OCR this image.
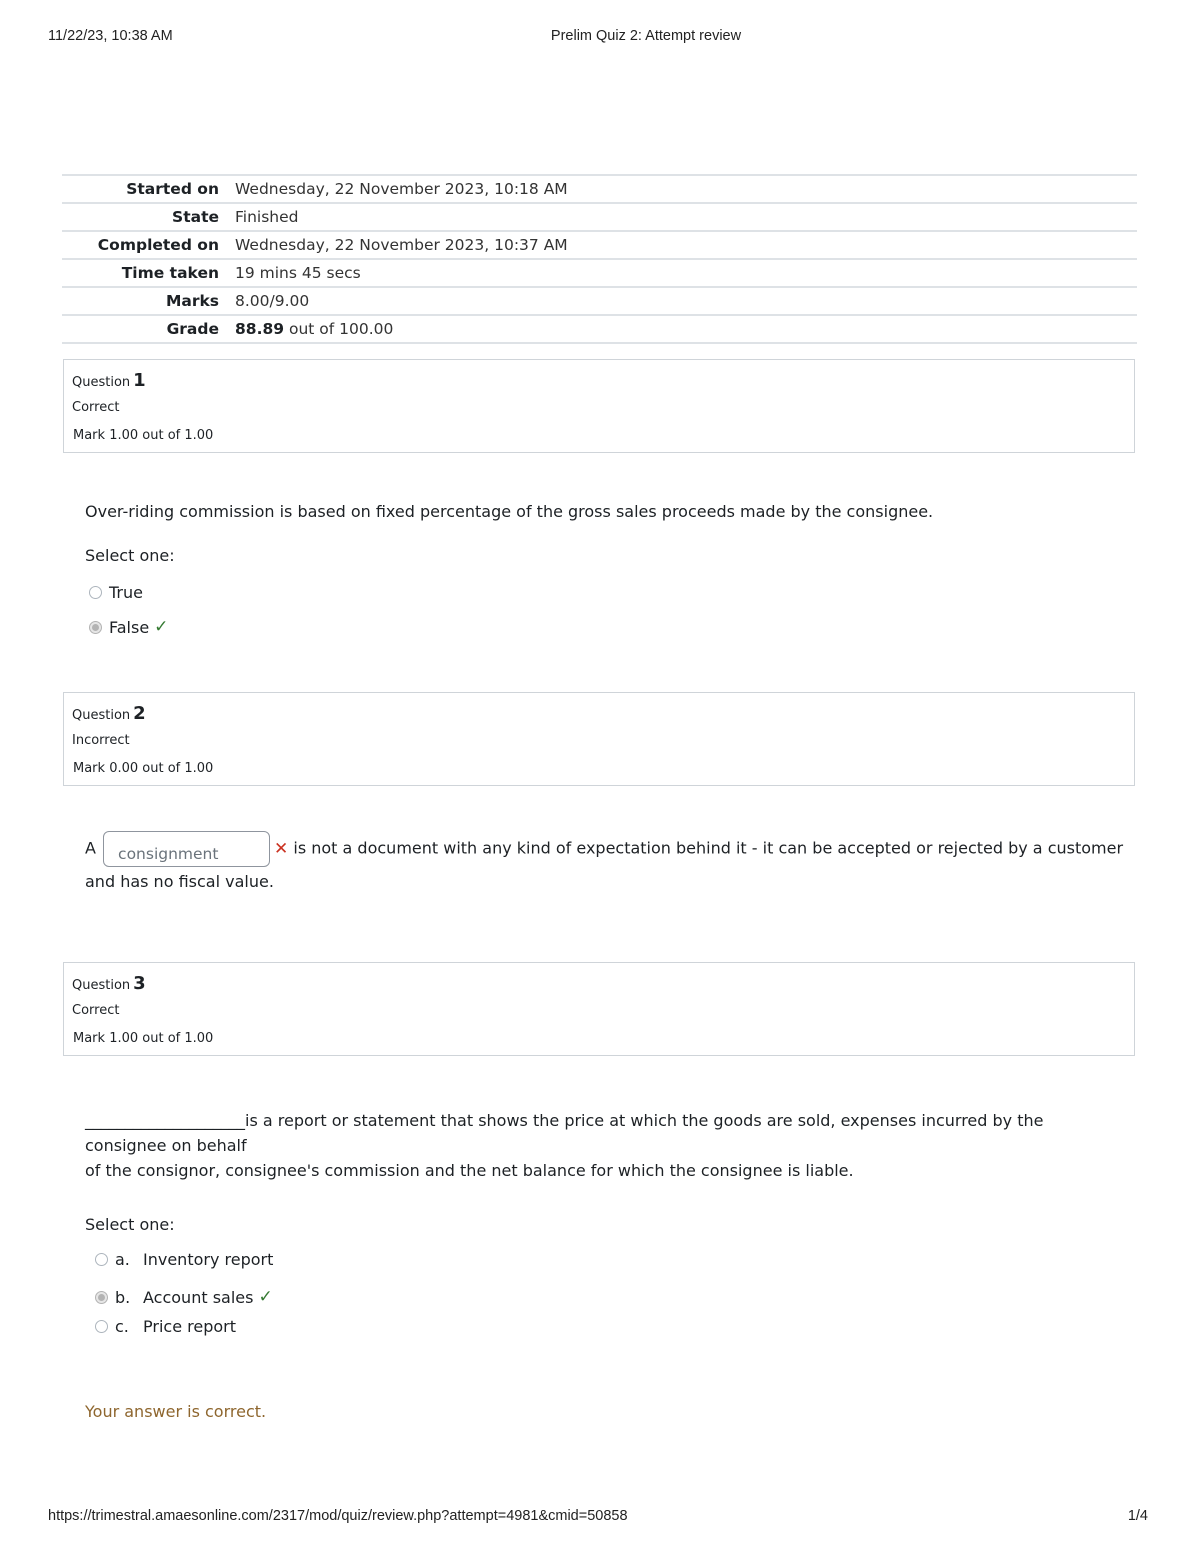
11/22/23, 10:38 AM	Prelim Quiz 2: Attempt review
Started on	Wednesday, 22 November 2023, 10:18 AM
State	Finished
Completed on	Wednesday, 22 November 2023, 10:37 AM
Time taken	19 mins 45 secs
Marks	8.00/9.00
Grade	88.89 out of 100.00
Question 1
Correct
Mark 1.00 out of 1.00
Over-riding commission is based on fixed percentage of the gross sales proceeds made by the consignee.
Select one:
True
False ✓
Question 2
Incorrect
Mark 0.00 out of 1.00
A consignment	✕ is not a document with any kind of expectation behind it - it can be accepted or rejected by a customer and has no fiscal value.
Question 3
Correct
Mark 1.00 out of 1.00
____________________is a report or statement that shows the price at which the goods are sold, expenses incurred by the consignee on behalf
of the consignor, consignee's commission and the net balance for which the consignee is liable.
Select one:
a. Inventory report
b. Account sales ✓
c. Price report
Your answer is correct.
https://trimestral.amaesonline.com/2317/mod/quiz/review.php?attempt=4981&cmid=50858	1/4
